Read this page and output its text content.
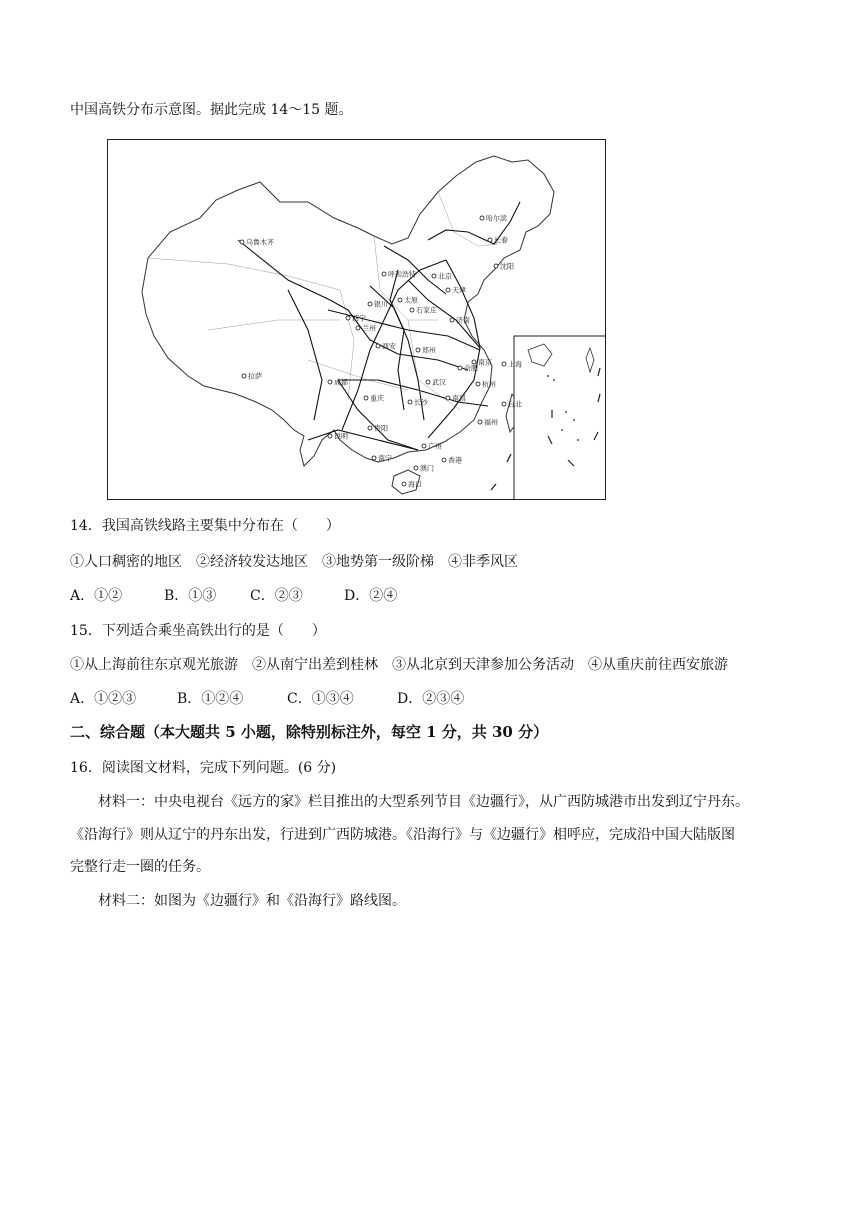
中国高铁分布示意图。据此完成 14～15 题。
乌鲁木齐
哈尔滨
长春
沈阳
呼和浩特	北京
天津
银川 太原
石家庄
济南
西宁
兰州
郑州
西安
合肥
南京 上海
杭州
成都	武汉
重庆	长沙	南昌
福州
台北
贵阳
昆明
南宁
广州
香港
澳门
海口
拉萨
14．我国高铁线路主要集中分布在（　　）
①人口稠密的地区　②经济较发达地区　③地势第一级阶梯　④非季风区
A．①②	B．①③ C．②③	D．②④
15．下列适合乘坐高铁出行的是（　　）
①从上海前往东京观光旅游　②从南宁出差到桂林　③从北京到天津参加公务活动　④从重庆前往西安旅游
A．①②③	B．①②④	C．①③④	D．②③④
二、综合题（本大题共 5 小题，除特别标注外，每空 1 分，共 30 分）
16．阅读图文材料，完成下列问题。(6 分)
材料一：中央电视台《远方的家》栏目推出的大型系列节目《边疆行》，从广西防城港市出发到辽宁丹东。
《沿海行》则从辽宁的丹东出发，行进到广西防城港。《沿海行》与《边疆行》相呼应，完成沿中国大陆版图
完整行走一圈的任务。
材料二：如图为《边疆行》和《沿海行》路线图。
